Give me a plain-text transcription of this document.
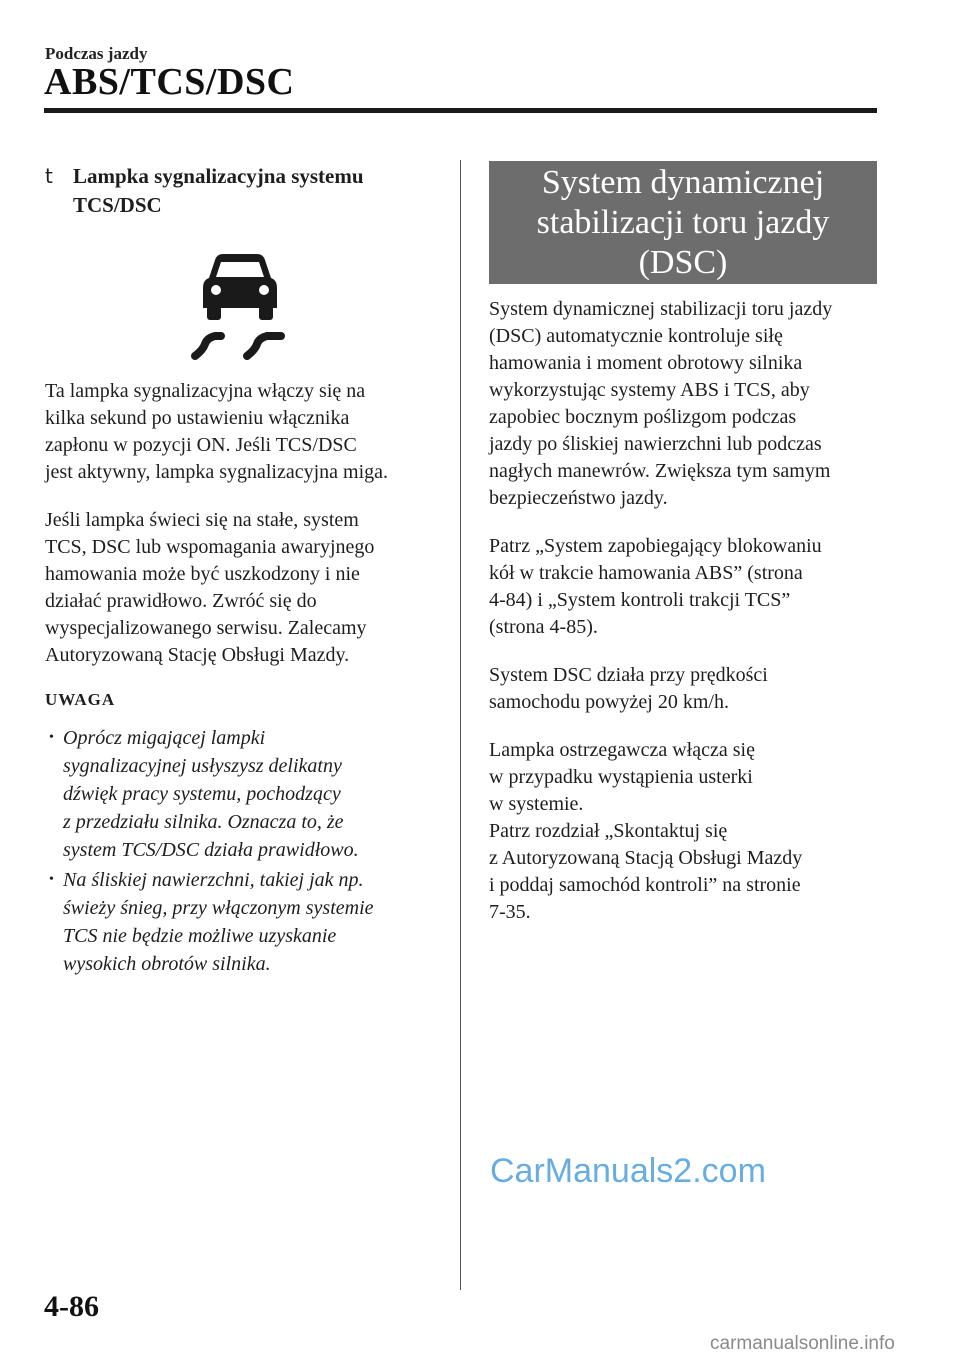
Podczas jazdy
ABS/TCS/DSC
t Lampka sygnalizacyjna systemu
TCS/DSC

Ta lampka sygnalizacyjna włączy się na
kilka sekund po ustawieniu włącznika
zapłonu w pozycji ON. Jeśli TCS/DSC
jest aktywny, lampka sygnalizacyjna miga.

Jeśli lampka świeci się na stałe, system
TCS, DSC lub wspomagania awaryjnego
hamowania może być uszkodzony i nie
działać prawidłowo. Zwróć się do
wyspecjalizowanego serwisu. Zalecamy
Autoryzowaną Stację Obsługi Mazdy.

UWAGA
• Oprócz migającej lampki
sygnalizacyjnej usłyszysz delikatny
dźwięk pracy systemu, pochodzący
z przedziału silnika. Oznacza to, że
system TCS/DSC działa prawidłowo.
• Na śliskiej nawierzchni, takiej jak np.
świeży śnieg, przy włączonym systemie
TCS nie będzie możliwe uzyskanie
wysokich obrotów silnika.
System dynamicznej
stabilizacji toru jazdy
(DSC)

System dynamicznej stabilizacji toru jazdy
(DSC) automatycznie kontroluje siłę
hamowania i moment obrotowy silnika
wykorzystując systemy ABS i TCS, aby
zapobiec bocznym poślizgom podczas
jazdy po śliskiej nawierzchni lub podczas
nagłych manewrów. Zwiększa tym samym
bezpieczeństwo jazdy.

Patrz „System zapobiegający blokowaniu
kół w trakcie hamowania ABS” (strona
4-84) i „System kontroli trakcji TCS”
(strona 4-85).

System DSC działa przy prędkości
samochodu powyżej 20 km/h.

Lampka ostrzegawcza włącza się
w przypadku wystąpienia usterki
w systemie.
Patrz rozdział „Skontaktuj się
z Autoryzowaną Stacją Obsługi Mazdy
i poddaj samochód kontroli” na stronie
7-35.

CarManuals2.com
4-86
carmanualsonline.info
